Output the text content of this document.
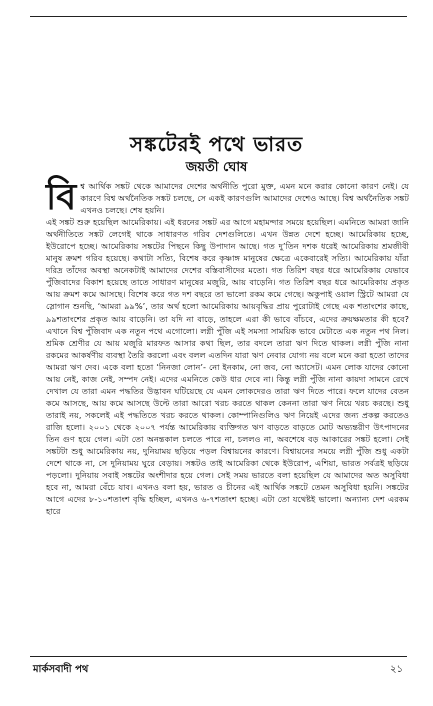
সঙ্কটেরই পথে ভারত
জয়তী ঘোষ

বিশ্ব আর্থিক সঙ্কট থেকে আমাদের দেশের অর্থনীতি পুরো মুক্ত, এমন মনে করার কোনো কারণ নেই। যে কারণে বিশ্ব অর্থনৈতিক সঙ্কট চলছে, সে একই কারণগুলি আমাদের দেশেও আছে। বিশ্ব অর্থনৈতিক সঙ্কট এখনও চলছে। শেষ হয়নি।

এই সঙ্কট শুরু হয়েছিল আমেরিকায়। এই ধরনের সঙ্কট এর আগে মহামন্দার সময়ে হয়েছিল। এমনিতে আমরা জানি অর্থনীতিতে সঙ্কট লেগেই থাকে সাধারণত গরিব দেশগুলিতে। এখন উন্নত দেশে হচ্ছে। আমেরিকায় হচ্ছে, ইউরোপে হচ্ছে। আমেরিকায় সঙ্কটের পিছনে কিছু উপাদান আছে। গত দু’তিন দশক ধরেই আমেরিকায় শ্রমজীবী মানুষ ক্রমশ গরিব হয়েছে। কথাটা সত্যি, বিশেষ করে কৃষ্ণাঙ্গ মানুষের ক্ষেত্রে একেবারেই সত্যি। আমেরিকায় যাঁরা দরিদ্র তাঁদের অবস্থা অনেকটাই আমাদের দেশের বস্তিবাসীদের মতো। গত তিরিশ বছর ধরে আমেরিকায় যেভাবে পুঁজিবাদের বিকাশ হয়েছে তাতে সাধারণ মানুষের মজুরি, আয় বাড়েনি। গত তিরিশ বছর ধরে আমেরিকায় প্রকৃত আয় ক্রমশ কমে আসছে। বিশেষ করে গত দশ বছরে তা ভালো রকম কমে গেছে। অকুপাই ওয়াল স্ট্রিটে আমরা যে স্লোগান শুনছি, ‘আমরা ৯৯%’, তার অর্থ হলো আমেরিকায় আয়বৃদ্ধির প্রায় পুরোটাই গেছে এক শতাংশের কাছে, ৯৯শতাংশের প্রকৃত আয় বাড়েনি। তা যদি না বাড়ে, তাহলে এরা কী ভাবে বাঁচবে, এদের ক্রয়ক্ষমতার কী হবে? এখানে বিশ্ব পুঁজিবাদ এক নতুন পথে এগোলো। লগ্নী পুঁজি এই সমস্যা সাময়িক ভাবে মেটাতে এক নতুন পথ নিল। শ্রমিক শ্রেণীর যে আয় মজুরি মারফত আসার কথা ছিল, তার বদলে তারা ঋণ দিতে থাকল। লগ্নী পুঁজি নানা রকমের আকর্ষণীয় ব্যবস্থা তৈরি করলো এবং বলল এতদিন যারা ঋণ নেবার যোগ্য নয় বলে মনে করা হতো তাদের আমরা ঋণ দেব। একে বলা হতো ‘নিনজা লোন’- নো ইনকাম, নো জব, নো অ্যাসেট। এমন লোক যাদের কোনো আয় নেই, কাজ নেই, সম্পদ নেই। এদের এমনিতে কেউ ধার দেবে না। কিন্তু লগ্নী পুঁজি নানা কায়দা সামনে রেখে দেখাল যে তারা এমন পদ্ধতির উদ্ভাবন ঘটিয়েছে যে এমন লোকদেরও তারা ঋণ দিতে পারে। ফলে যাদের বেতন কমে আসছে, আয় কমে আসছে উল্টে তারা আরো খরচ করতে থাকল কেননা তারা ঋণ নিয়ে খরচ করছে। শুধু তারাই নয়, সকলেই এই পদ্ধতিতে খরচ করতে থাকল। কোম্পানিগুলিও ঋণ নিয়েই এদের জন্য প্রকল্প করতেও রাজি হলো। ২০০১ থেকে ২০০৭ পর্যন্ত আমেরিকায় ব্যক্তিগত ঋণ বাড়তে বাড়তে মোট অভ্যন্তরীণ উৎপাদনের তিন গুণ হয়ে গেল। এটা তো অনন্তকাল চলতে পারে না, চললও না, অবশেষে বড় আকারের সঙ্কট হলো। সেই সঙ্কটটা শুধু আমেরিকায় নয়, দুনিয়াময় ছড়িয়ে পড়ল বিশ্বায়নের কারণে। বিশ্বায়নের সময়ে লগ্নী পুঁজি শুধু একটা দেশে থাকে না, সে দুনিয়াময় ঘুরে বেড়ায়। সঙ্কটও তাই আমেরিকা থেকে ইউরোপ, এশিয়া, ভারত সর্বত্রই ছড়িয়ে পড়লো। দুনিয়ায় সবাই সঙ্কটের অংশীদার হয়ে গেল। সেই সময় ভারতে বলা হয়েছিল যে আমাদের অত অসুবিধা হবে না, আমরা বেঁচে যাব। এখনও বলা হয়, ভারত ও চীনের এই আর্থিক সঙ্কটে তেমন অসুবিধা হয়নি। সঙ্কটের আগে এদের ৮-১০শতাংশ বৃদ্ধি হচ্ছিল, এখনও ৬-৭শতাংশ হচ্ছে। এটা তো যথেষ্টই ভালো। অন্যান্য দেশ এরকম হারে

মার্কসবাদী পথ	২১
